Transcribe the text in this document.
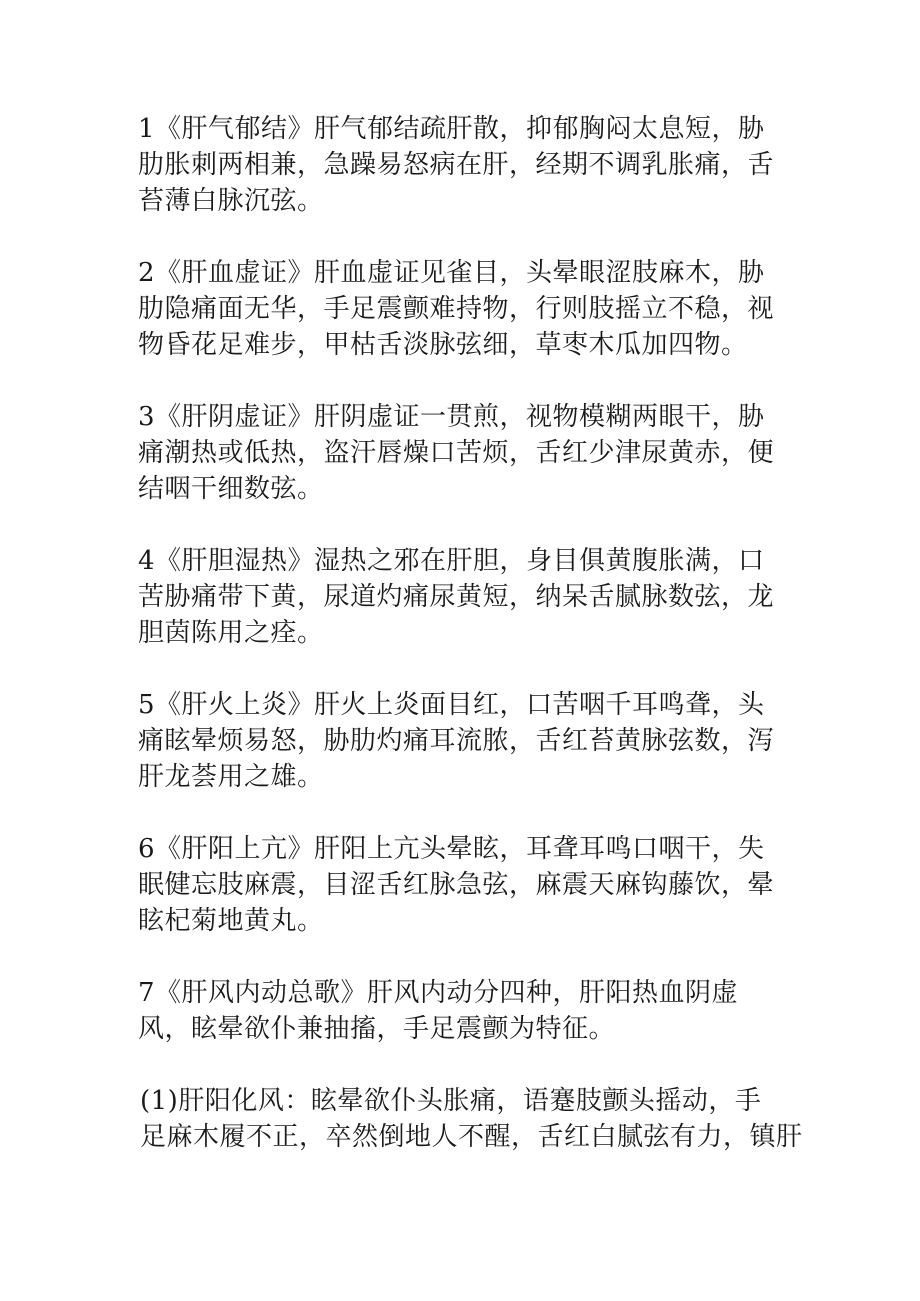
1《肝气郁结》肝气郁结疏肝散，抑郁胸闷太息短，胁
肋胀刺两相兼，急躁易怒病在肝，经期不调乳胀痛，舌
苔薄白脉沉弦。

2《肝血虚证》肝血虚证见雀目，头晕眼涩肢麻木，胁
肋隐痛面无华，手足震颤难持物，行则肢摇立不稳，视
物昏花足难步，甲枯舌淡脉弦细，草枣木瓜加四物。

3《肝阴虚证》肝阴虚证一贯煎，视物模糊两眼干，胁
痛潮热或低热，盗汗唇燥口苦烦，舌红少津尿黄赤，便
结咽干细数弦。

4《肝胆湿热》湿热之邪在肝胆，身目俱黄腹胀满，口
苦胁痛带下黄，尿道灼痛尿黄短，纳呆舌腻脉数弦，龙
胆茵陈用之痊。

5《肝火上炎》肝火上炎面目红，口苦咽千耳鸣聋，头
痛眩晕烦易怒，胁肋灼痛耳流脓，舌红苔黄脉弦数，泻
肝龙荟用之雄。

6《肝阳上亢》肝阳上亢头晕眩，耳聋耳鸣口咽干，失
眠健忘肢麻震，目涩舌红脉急弦，麻震天麻钩藤饮，晕
眩杞菊地黄丸。

7《肝风内动总歌》肝风内动分四种，肝阳热血阴虚
风，眩晕欲仆兼抽搐，手足震颤为特征。

(1)肝阳化风：眩晕欲仆头胀痛，语蹇肢颤头摇动，手
足麻木履不正，卒然倒地人不醒，舌红白腻弦有力，镇肝
